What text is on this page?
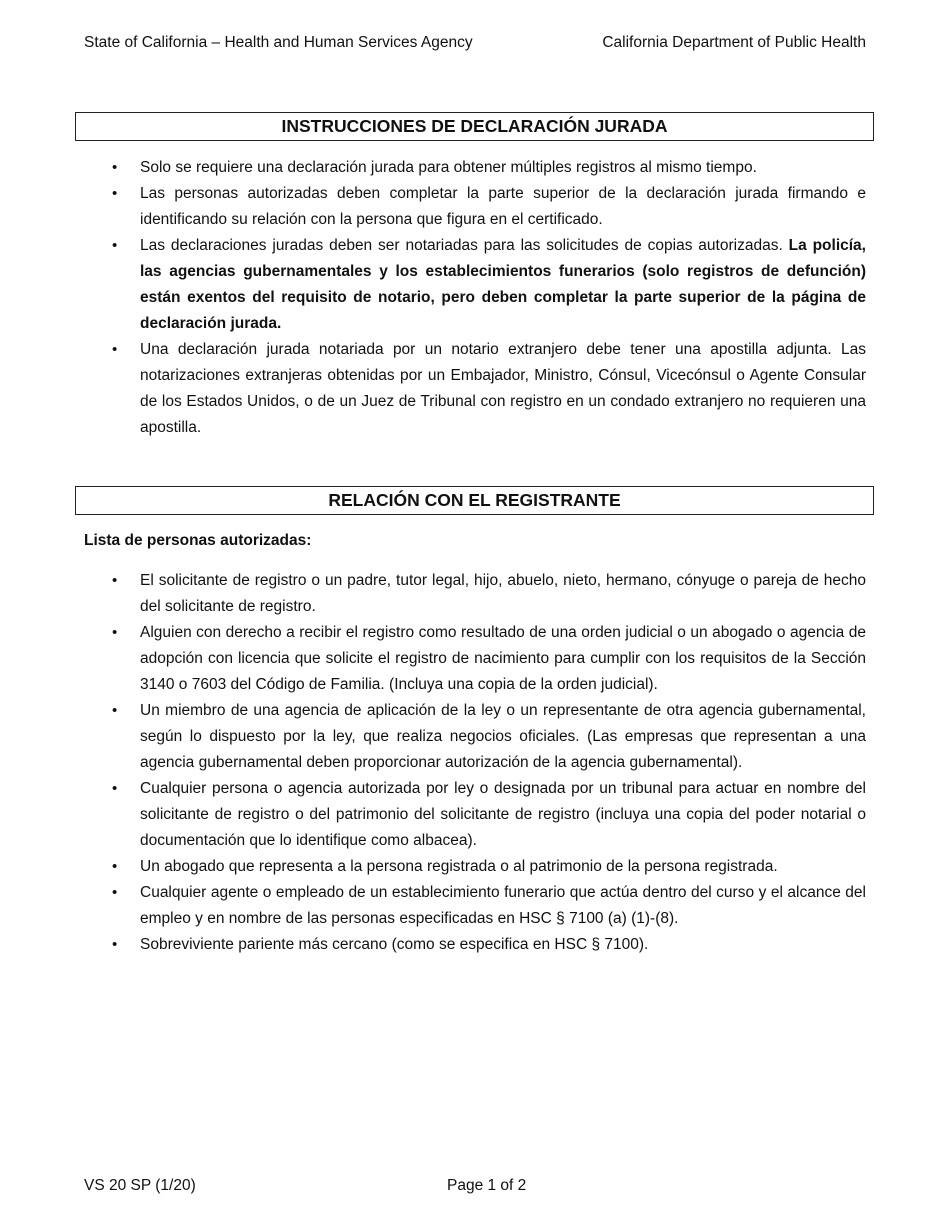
State of California – Health and Human Services Agency	California Department of Public Health
INSTRUCCIONES DE DECLARACIÓN JURADA
• Solo se requiere una declaración jurada para obtener múltiples registros al mismo tiempo.
• Las personas autorizadas deben completar la parte superior de la declaración jurada firmando e identificando su relación con la persona que figura en el certificado.
• Las declaraciones juradas deben ser notariadas para las solicitudes de copias autorizadas. La policía, las agencias gubernamentales y los establecimientos funerarios (solo registros de defunción) están exentos del requisito de notario, pero deben completar la parte superior de la página de declaración jurada.
• Una declaración jurada notariada por un notario extranjero debe tener una apostilla adjunta. Las notarizaciones extranjeras obtenidas por un Embajador, Ministro, Cónsul, Vicecónsul o Agente Consular de los Estados Unidos, o de un Juez de Tribunal con registro en un condado extranjero no requieren una apostilla.
RELACIÓN CON EL REGISTRANTE
Lista de personas autorizadas:
• El solicitante de registro o un padre, tutor legal, hijo, abuelo, nieto, hermano, cónyuge o pareja de hecho del solicitante de registro.
• Alguien con derecho a recibir el registro como resultado de una orden judicial o un abogado o agencia de adopción con licencia que solicite el registro de nacimiento para cumplir con los requisitos de la Sección 3140 o 7603 del Código de Familia. (Incluya una copia de la orden judicial).
• Un miembro de una agencia de aplicación de la ley o un representante de otra agencia gubernamental, según lo dispuesto por la ley, que realiza negocios oficiales. (Las empresas que representan a una agencia gubernamental deben proporcionar autorización de la agencia gubernamental).
• Cualquier persona o agencia autorizada por ley o designada por un tribunal para actuar en nombre del solicitante de registro o del patrimonio del solicitante de registro (incluya una copia del poder notarial o documentación que lo identifique como albacea).
• Un abogado que representa a la persona registrada o al patrimonio de la persona registrada.
• Cualquier agente o empleado de un establecimiento funerario que actúa dentro del curso y el alcance del empleo y en nombre de las personas especificadas en HSC § 7100 (a) (1)-(8).
• Sobreviviente pariente más cercano (como se especifica en HSC § 7100).
VS 20 SP (1/20)	Page 1 of 2
